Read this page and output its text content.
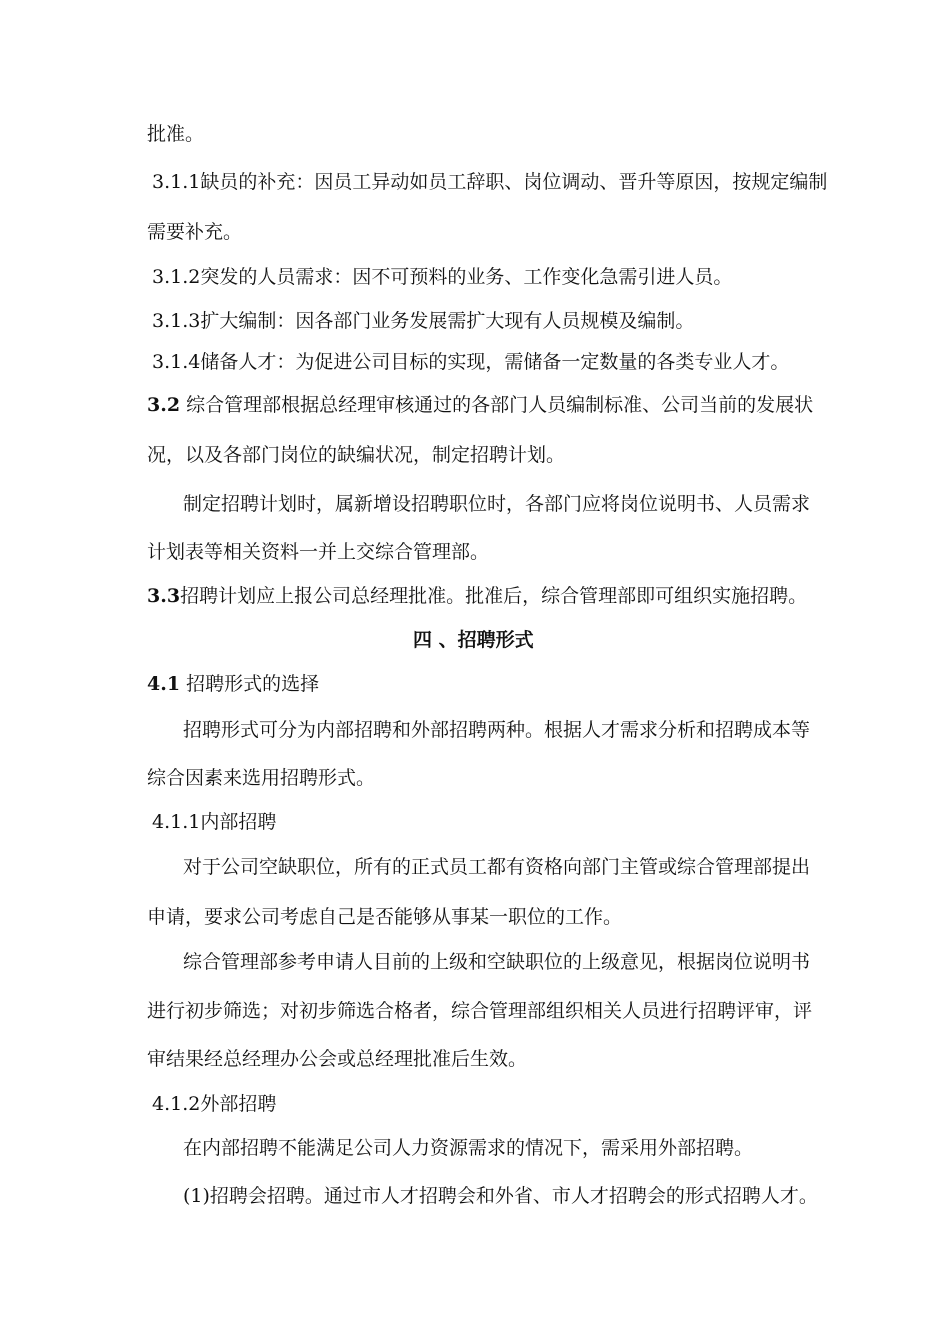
批准。
3.1.1缺员的补充：因员工异动如员工辞职、岗位调动、晋升等原因，按规定编制
需要补充。
3.1.2突发的人员需求：因不可预料的业务、工作变化急需引进人员。
3.1.3扩大编制：因各部门业务发展需扩大现有人员规模及编制。
3.1.4储备人才：为促进公司目标的实现，需储备一定数量的各类专业人才。
3.2 综合管理部根据总经理审核通过的各部门人员编制标准、公司当前的发展状
况，以及各部门岗位的缺编状况，制定招聘计划。
制定招聘计划时，属新增设招聘职位时，各部门应将岗位说明书、人员需求
计划表等相关资料一并上交综合管理部。
3.3招聘计划应上报公司总经理批准。批准后，综合管理部即可组织实施招聘。
四 、招聘形式
4.1 招聘形式的选择
招聘形式可分为内部招聘和外部招聘两种。根据人才需求分析和招聘成本等
综合因素来选用招聘形式。
4.1.1内部招聘
对于公司空缺职位，所有的正式员工都有资格向部门主管或综合管理部提出
申请，要求公司考虑自己是否能够从事某一职位的工作。
综合管理部参考申请人目前的上级和空缺职位的上级意见，根据岗位说明书
进行初步筛选；对初步筛选合格者，综合管理部组织相关人员进行招聘评审，评
审结果经总经理办公会或总经理批准后生效。
4.1.2外部招聘
在内部招聘不能满足公司人力资源需求的情况下，需采用外部招聘。
(1)招聘会招聘。通过市人才招聘会和外省、市人才招聘会的形式招聘人才。
